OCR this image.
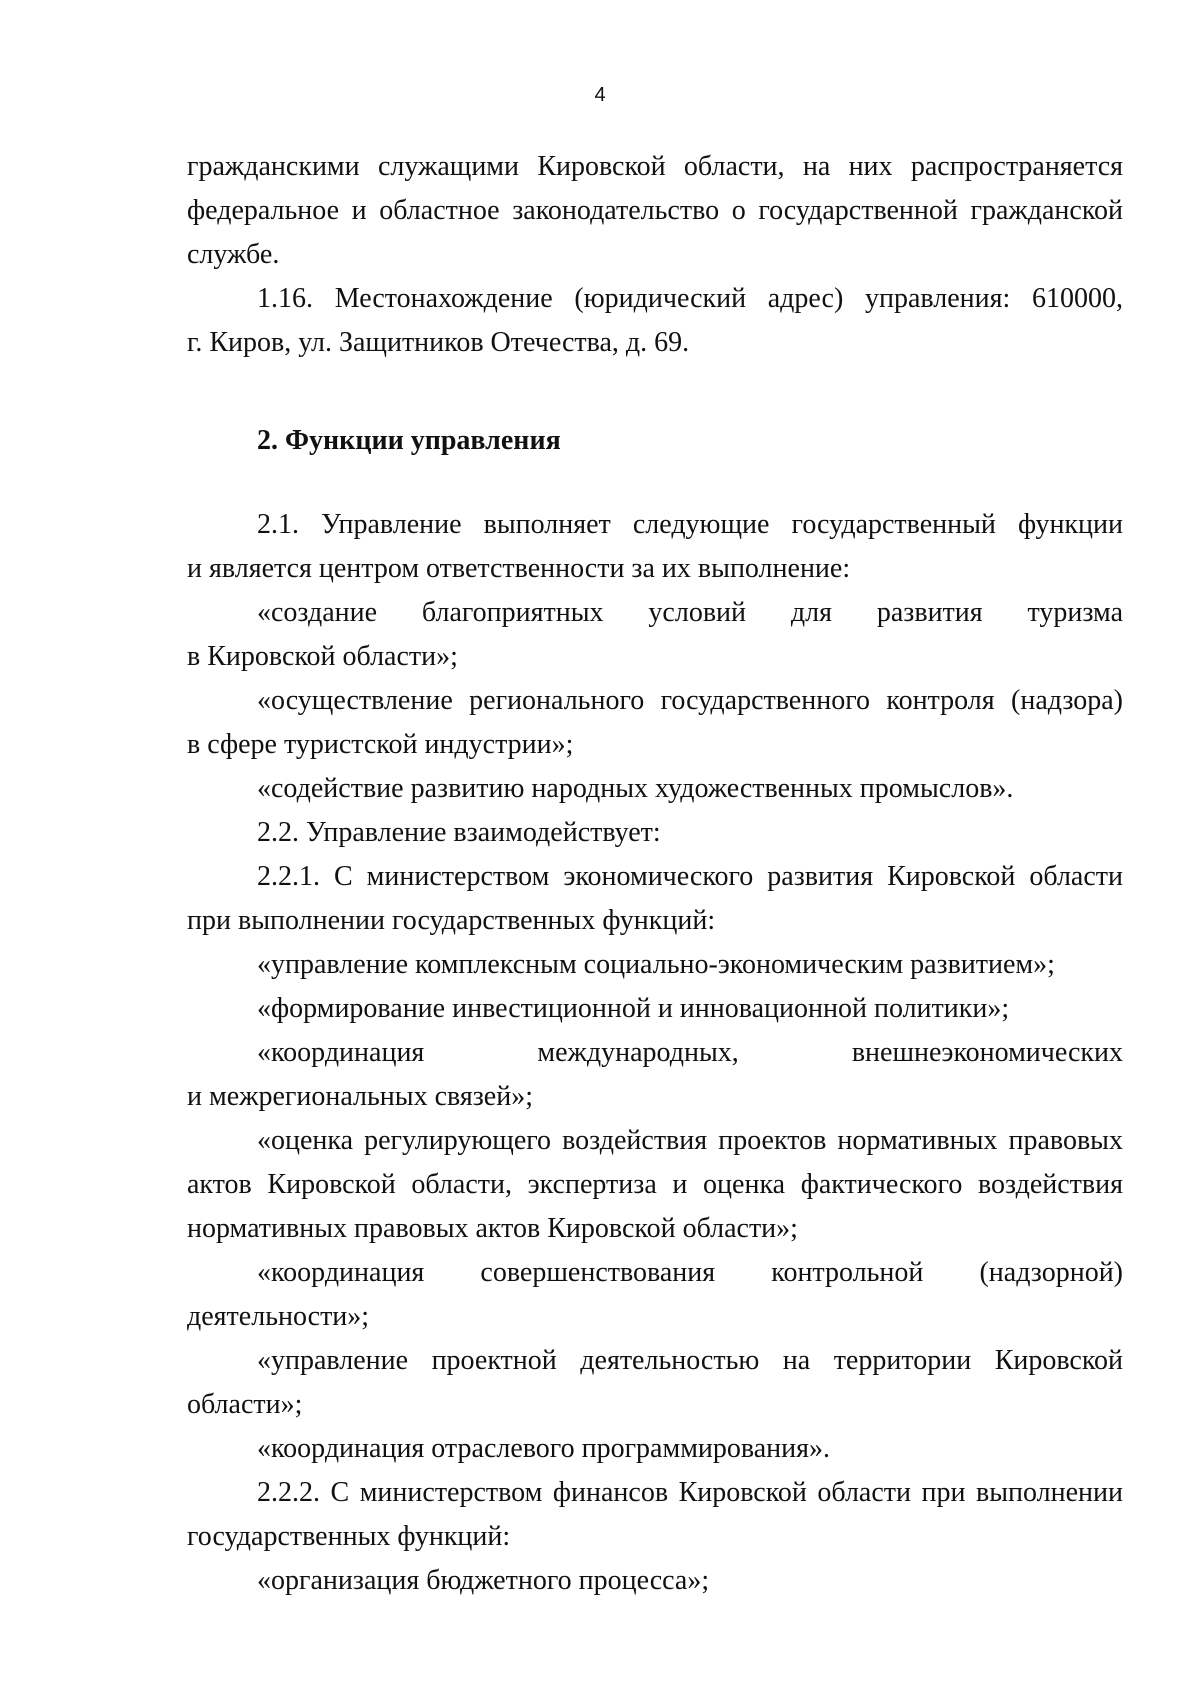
4
гражданскими служащими Кировской области, на них распространяется
федеральное и областное законодательство о государственной гражданской
службе.
1.16. Местонахождение (юридический адрес) управления: 610000,
г. Киров, ул. Защитников Отечества, д. 69.
2. Функции управления
2.1. Управление выполняет следующие государственный функции
и является центром ответственности за их выполнение:
«создание благоприятных условий для развития туризма
в Кировской области»;
«осуществление регионального государственного контроля (надзора)
в сфере туристской индустрии»;
«содействие развитию народных художественных промыслов».
2.2. Управление взаимодействует:
2.2.1. С министерством экономического развития Кировской области
при выполнении государственных функций:
«управление комплексным социально-экономическим развитием»;
«формирование инвестиционной и инновационной политики»;
«координация международных, внешнеэкономических
и межрегиональных связей»;
«оценка регулирующего воздействия проектов нормативных правовых
актов Кировской области, экспертиза и оценка фактического воздействия
нормативных правовых актов Кировской области»;
«координация совершенствования контрольной (надзорной)
деятельности»;
«управление проектной деятельностью на территории Кировской
области»;
«координация отраслевого программирования».
2.2.2. С министерством финансов Кировской области при выполнении
государственных функций:
«организация бюджетного процесса»;
